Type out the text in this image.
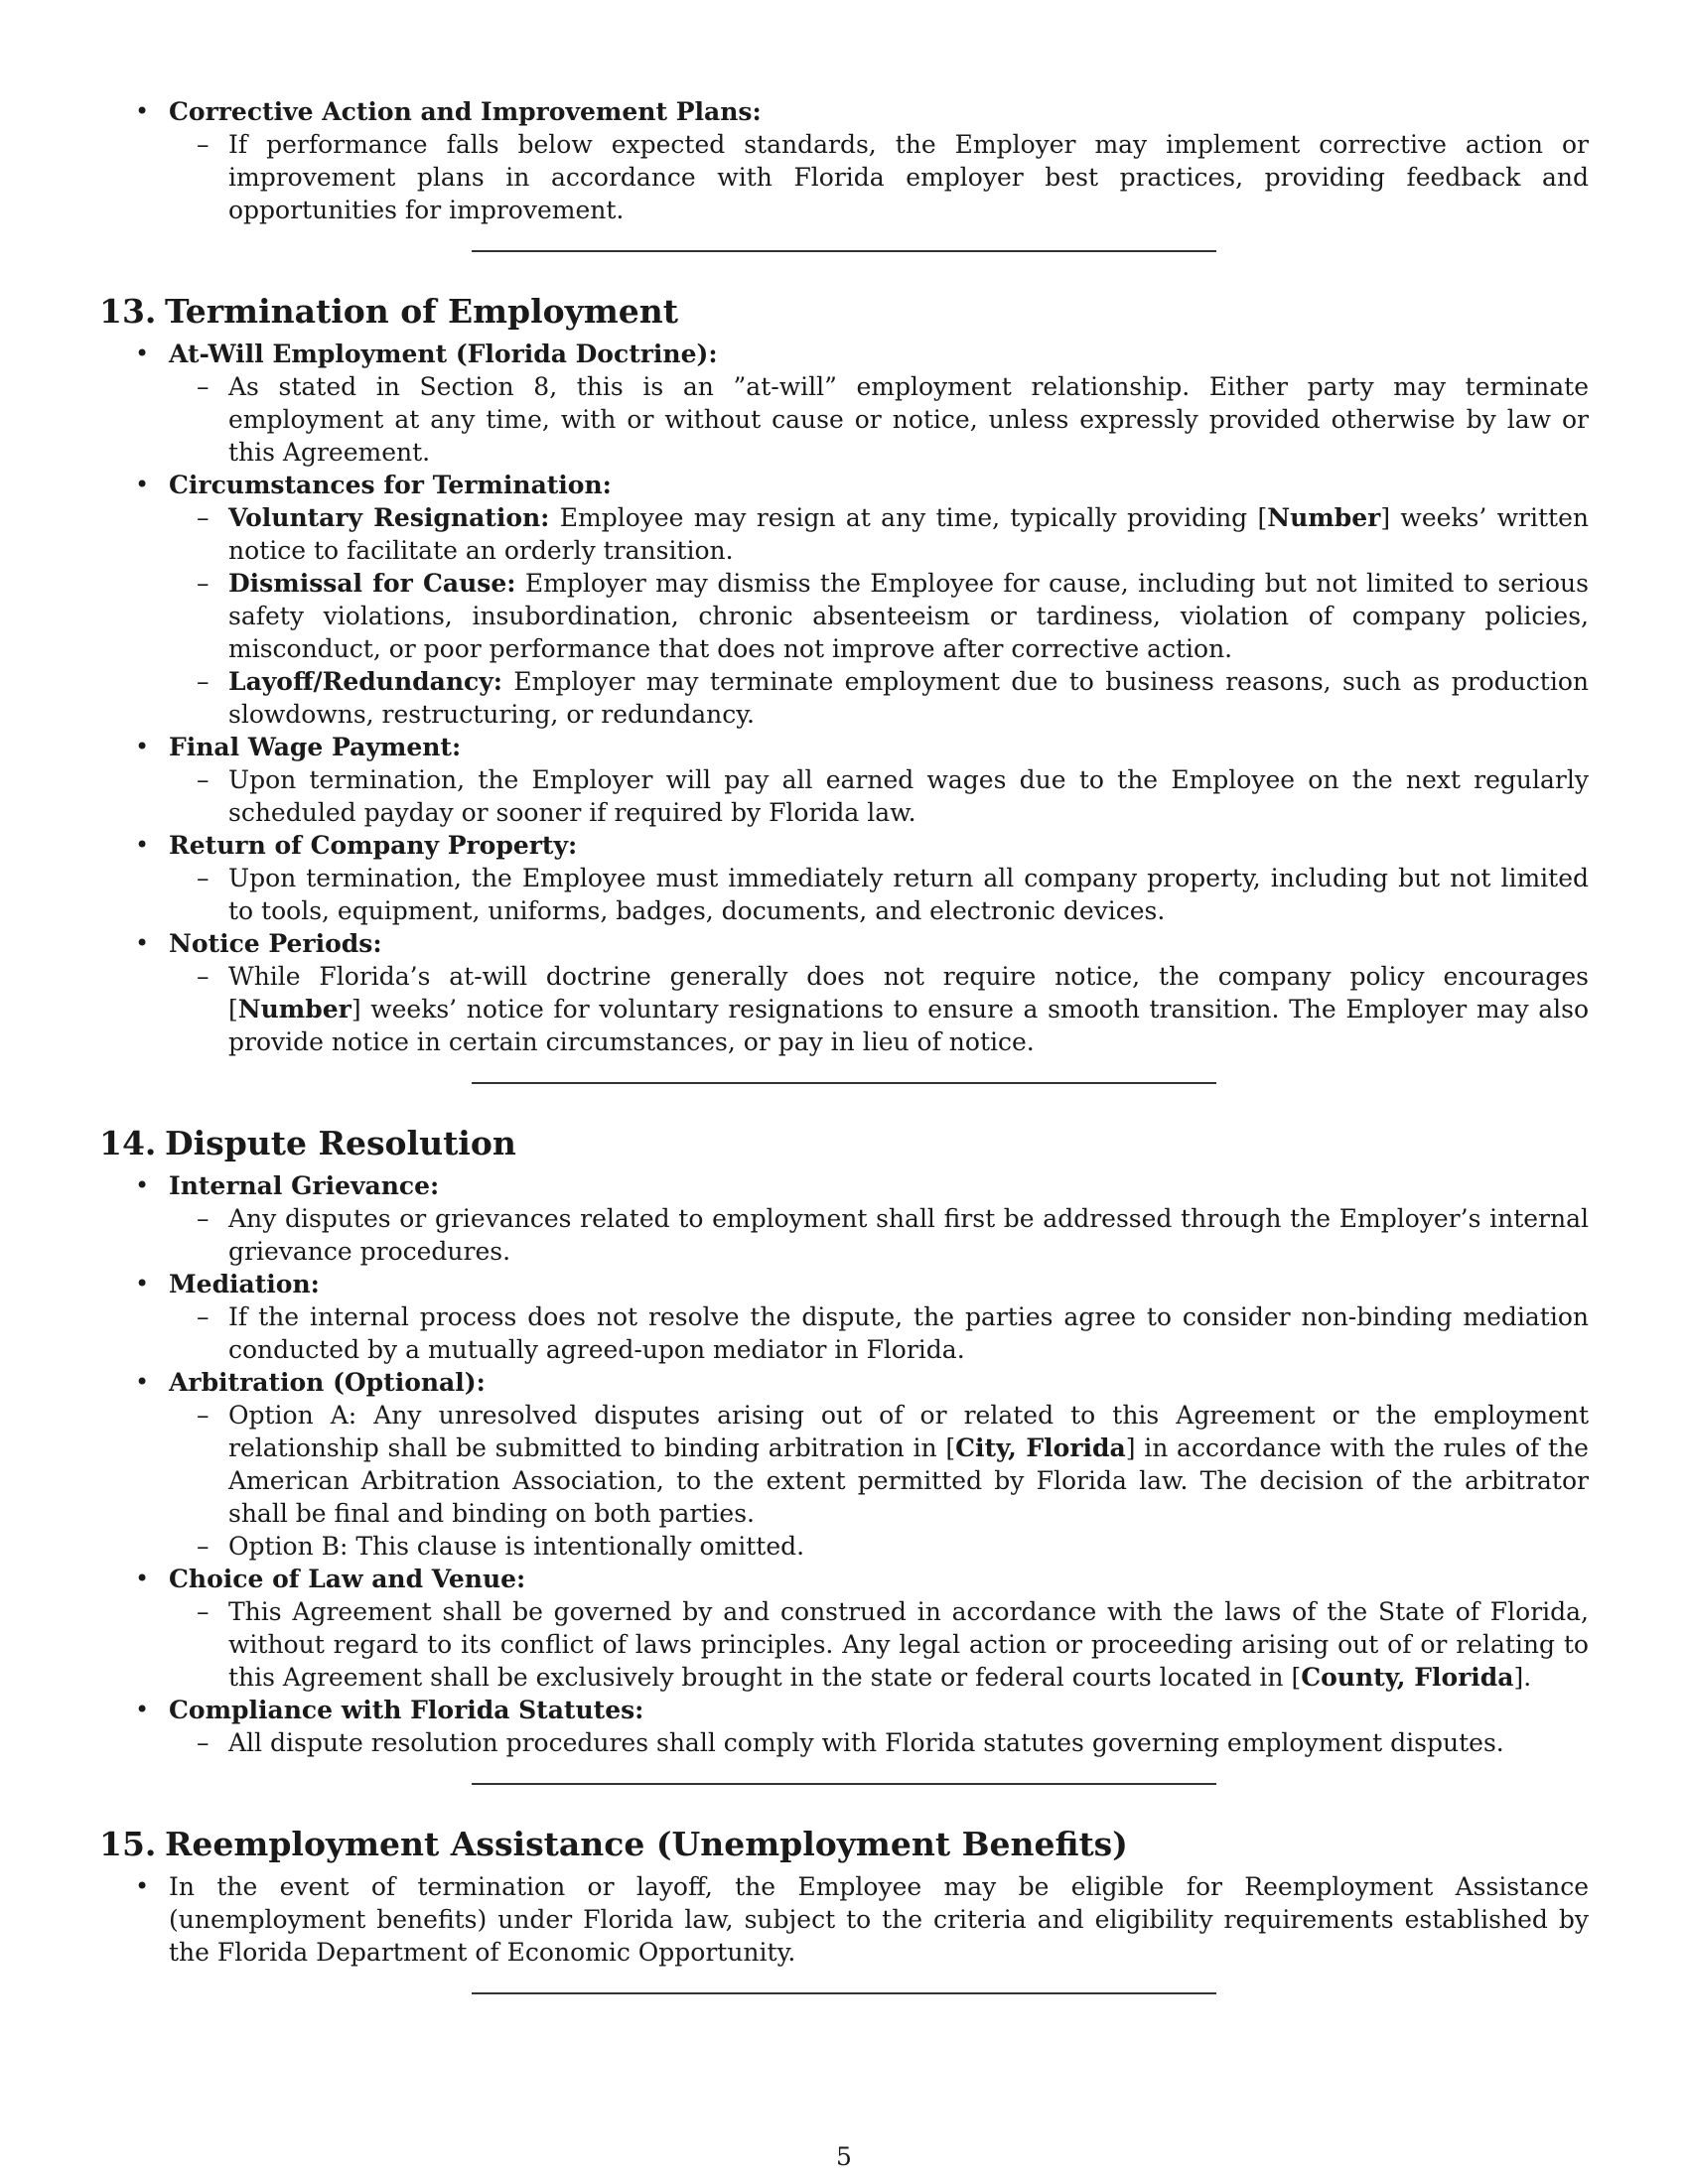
• Corrective Action and Improvement Plans:
– If performance falls below expected standards, the Employer may implement corrective action or improvement plans in accordance with Florida employer best practices, providing feedback and opportunities for improvement.
13. Termination of Employment
• At-Will Employment (Florida Doctrine):
– As stated in Section 8, this is an ”at-will” employment relationship. Either party may terminate employment at any time, with or without cause or notice, unless expressly provided otherwise by law or this Agreement.
• Circumstances for Termination:
– Voluntary Resignation: Employee may resign at any time, typically providing [Number] weeks’ written notice to facilitate an orderly transition.
– Dismissal for Cause: Employer may dismiss the Employee for cause, including but not limited to serious safety violations, insubordination, chronic absenteeism or tardiness, violation of company policies, misconduct, or poor performance that does not improve after corrective action.
– Layoff/Redundancy: Employer may terminate employment due to business reasons, such as production slowdowns, restructuring, or redundancy.
• Final Wage Payment:
– Upon termination, the Employer will pay all earned wages due to the Employee on the next regularly scheduled payday or sooner if required by Florida law.
• Return of Company Property:
– Upon termination, the Employee must immediately return all company property, including but not limited to tools, equipment, uniforms, badges, documents, and electronic devices.
• Notice Periods:
– While Florida’s at-will doctrine generally does not require notice, the company policy encourages [Number] weeks’ notice for voluntary resignations to ensure a smooth transition. The Employer may also provide notice in certain circumstances, or pay in lieu of notice.
14. Dispute Resolution
• Internal Grievance:
– Any disputes or grievances related to employment shall first be addressed through the Employer’s internal grievance procedures.
• Mediation:
– If the internal process does not resolve the dispute, the parties agree to consider non-binding mediation conducted by a mutually agreed-upon mediator in Florida.
• Arbitration (Optional):
– Option A: Any unresolved disputes arising out of or related to this Agreement or the employment relationship shall be submitted to binding arbitration in [City, Florida] in accordance with the rules of the American Arbitration Association, to the extent permitted by Florida law. The decision of the arbitrator shall be final and binding on both parties.
– Option B: This clause is intentionally omitted.
• Choice of Law and Venue:
– This Agreement shall be governed by and construed in accordance with the laws of the State of Florida, without regard to its conflict of laws principles. Any legal action or proceeding arising out of or relating to this Agreement shall be exclusively brought in the state or federal courts located in [County, Florida].
• Compliance with Florida Statutes:
– All dispute resolution procedures shall comply with Florida statutes governing employment disputes.
15. Reemployment Assistance (Unemployment Benefits)
• In the event of termination or layoff, the Employee may be eligible for Reemployment Assistance (unemployment benefits) under Florida law, subject to the criteria and eligibility requirements established by the Florida Department of Economic Opportunity.
5
